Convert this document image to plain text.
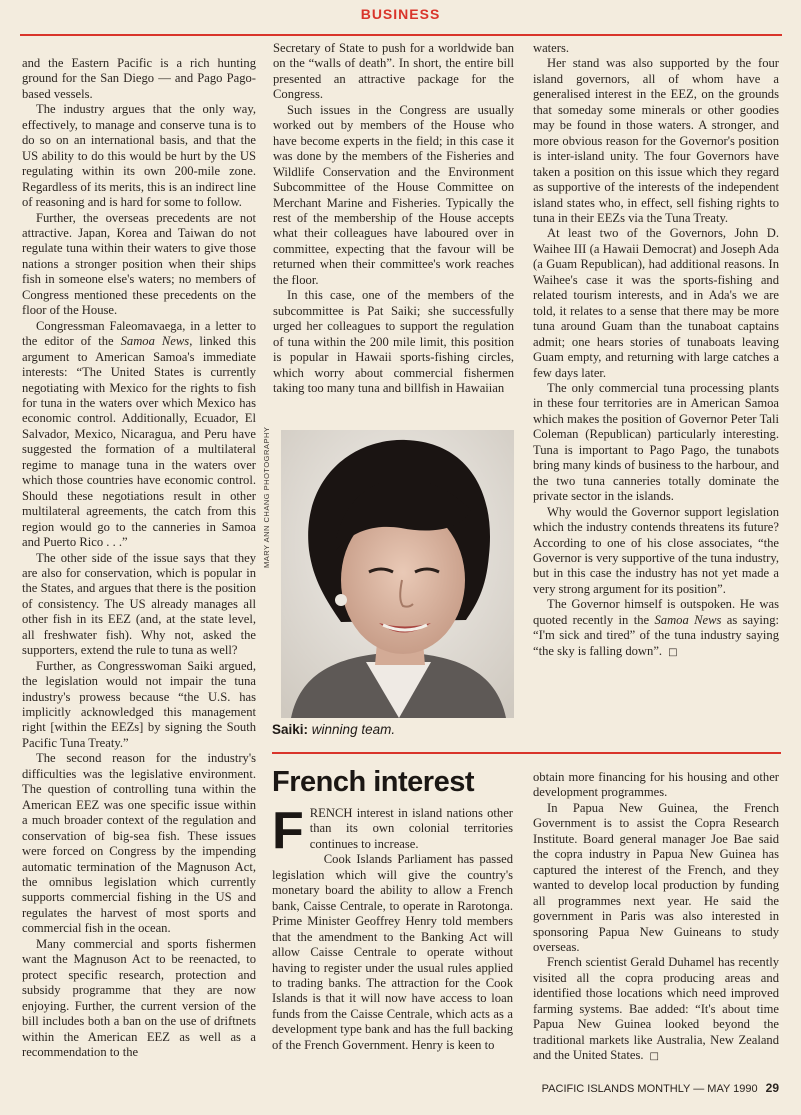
BUSINESS

and the Eastern Pacific is a rich hunting ground for the San Diego — and Pago Pago-based vessels.

The industry argues that the only way, effectively, to manage and conserve tuna is to do so on an international basis, and that the US ability to do this would be hurt by the US regulating within its own 200-mile zone. Regardless of its merits, this is an indirect line of reasoning and is hard for some to follow.

Further, the overseas precedents are not attractive. Japan, Korea and Taiwan do not regulate tuna within their waters to give those nations a stronger position when their ships fish in someone else's waters; no members of Congress mentioned these precedents on the floor of the House.

Congressman Faleomavaega, in a letter to the editor of the Samoa News, linked this argument to American Samoa's immediate interests: “The United States is currently negotiating with Mexico for the rights to fish for tuna in the waters over which Mexico has economic control. Additionally, Ecuador, El Salvador, Mexico, Nicaragua, and Peru have suggested the formation of a multilateral regime to manage tuna in the waters over which those countries have economic control. Should these negotiations result in other multilateral agreements, the catch from this region would go to the canneries in Samoa and Puerto Rico . . .”

The other side of the issue says that they are also for conservation, which is popular in the States, and argues that there is the position of consistency. The US already manages all other fish in its EEZ (and, at the state level, all freshwater fish). Why not, asked the supporters, extend the rule to tuna as well?

Further, as Congresswoman Saiki argued, the legislation would not impair the tuna industry's prowess because “the U.S. has implicitly acknowledged this management right [within the EEZs] by signing the South Pacific Tuna Treaty.”

The second reason for the industry's difficulties was the legislative environment. The question of controlling tuna within the American EEZ was one specific issue within a much broader context of the regulation and conservation of big-sea fish. These issues were forced on Congress by the impending automatic termination of the Magnuson Act, the omnibus legislation which currently supports commercial fishing in the US and regulates the harvest of most sports and commercial fish in the ocean.

Many commercial and sports fishermen want the Magnuson Act to be reenacted, to protect specific research, protection and subsidy programme that they are now enjoying. Further, the current version of the bill includes both a ban on the use of driftnets within the American EEZ as well as a recommendation to the

Secretary of State to push for a worldwide ban on the “walls of death”. In short, the entire bill presented an attractive package for the Congress.

Such issues in the Congress are usually worked out by members of the House who have become experts in the field; in this case it was done by the members of the Fisheries and Wildlife Conservation and the Environment Subcommittee of the House Committee on Merchant Marine and Fisheries. Typically the rest of the membership of the House accepts what their colleagues have laboured over in committee, expecting that the favour will be returned when their committee's work reaches the floor.

In this case, one of the members of the subcommittee is Pat Saiki; she successfully urged her colleagues to support the regulation of tuna within the 200 mile limit, this position is popular in Hawaii sports-fishing circles, which worry about commercial fishermen taking too many tuna and billfish in Hawaiian

MARY ANN CHANG PHOTOGRAPHY
Saiki: winning team.

waters.

Her stand was also supported by the four island governors, all of whom have a generalised interest in the EEZ, on the grounds that someday some minerals or other goodies may be found in those waters. A stronger, and more obvious reason for the Governor's position is inter-island unity. The four Governors have taken a position on this issue which they regard as supportive of the interests of the independent island states who, in effect, sell fishing rights to tuna in their EEZs via the Tuna Treaty.

At least two of the Governors, John D. Waihee III (a Hawaii Democrat) and Joseph Ada (a Guam Republican), had additional reasons. In Waihee's case it was the sports-fishing and related tourism interests, and in Ada's we are told, it relates to a sense that there may be more tuna around Guam than the tunaboat captains admit; one hears stories of tunaboats leaving Guam empty, and returning with large catches a few days later.

The only commercial tuna processing plants in these four territories are in American Samoa which makes the position of Governor Peter Tali Coleman (Republican) particularly interesting. Tuna is important to Pago Pago, the tunabots bring many kinds of business to the harbour, and the two tuna canneries totally dominate the private sector in the islands.

Why would the Governor support legislation which the industry contends threatens its future? According to one of his close associates, “the Governor is very supportive of the tuna industry, but in this case the industry has not yet made a very strong argument for its position”.

The Governor himself is outspoken. He was quoted recently in the Samoa News as saying: “I'm sick and tired” of the tuna industry saying “the sky is falling down”. □

French interest

FRENCH interest in island nations other than its own colonial territories continues to increase.

Cook Islands Parliament has passed legislation which will give the country's monetary board the ability to allow a French bank, Caisse Centrale, to operate in Rarotonga. Prime Minister Geoffrey Henry told members that the amendment to the Banking Act will allow Caisse Centrale to operate without having to register under the usual rules applied to trading banks. The attraction for the Cook Islands is that it will now have access to loan funds from the Caisse Centrale, which acts as a development type bank and has the full backing of the French Government. Henry is keen to

obtain more financing for his housing and other development programmes.

In Papua New Guinea, the French Government is to assist the Copra Research Institute. Board general manager Joe Bae said the copra industry in Papua New Guinea has captured the interest of the French, and they wanted to develop local production by funding all programmes next year. He said the government in Paris was also interested in sponsoring Papua New Guineans to study overseas.

French scientist Gerald Duhamel has recently visited all the copra producing areas and identified those locations which need improved farming systems. Bae added: “It's about time Papua New Guinea looked beyond the traditional markets like Australia, New Zealand and the United States. □

PACIFIC ISLANDS MONTHLY — MAY 1990 29
